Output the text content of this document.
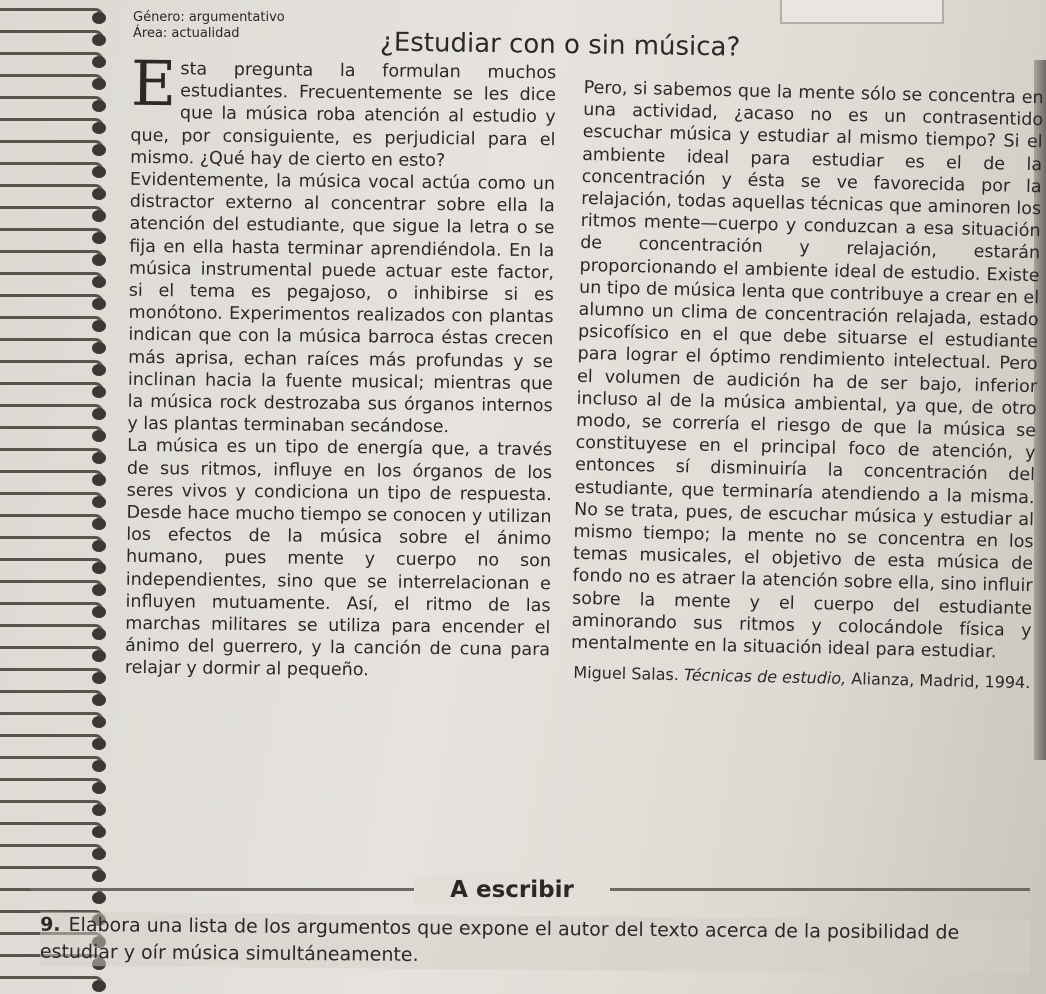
Género: argumentativo
Área: actualidad	¿Estudiar con o sin música?

Esta pregunta la formulan muchos estudiantes. Frecuentemente se les dice que la música roba atención al estudio y que, por consiguiente, es perjudicial para el mismo. ¿Qué hay de cierto en esto?

Evidentemente, la música vocal actúa como un distractor externo al concentrar sobre ella la atención del estudiante, que sigue la letra o se fija en ella hasta terminar aprendiéndola. En la música instrumental puede actuar este factor, si el tema es pegajoso, o inhibirse si es monótono. Experimentos realizados con plantas indican que con la música barroca éstas crecen más aprisa, echan raíces más profundas y se inclinan hacia la fuente musical; mientras que la música rock destrozaba sus órganos internos y las plantas terminaban secándose.

La música es un tipo de energía que, a través de sus ritmos, influye en los órganos de los seres vivos y condiciona un tipo de respuesta. Desde hace mucho tiempo se conocen y utilizan los efectos de la música sobre el ánimo humano, pues mente y cuerpo no son independientes, sino que se interrelacionan e influyen mutuamente. Así, el ritmo de las marchas militares se utiliza para encender el ánimo del guerrero, y la canción de cuna para relajar y dormir al pequeño.

Pero, si sabemos que la mente sólo se concentra en una actividad, ¿acaso no es un contrasentido escuchar música y estudiar al mismo tiempo? Si el ambiente ideal para estudiar es el de la concentración y ésta se ve favorecida por la relajación, todas aquellas técnicas que aminoren los ritmos mente—cuerpo y conduzcan a esa situación de concentración y relajación, estarán proporcionando el ambiente ideal de estudio. Existe un tipo de música lenta que contribuye a crear en el alumno un clima de concentración relajada, estado psicofísico en el que debe situarse el estudiante para lograr el óptimo rendimiento intelectual. Pero el volumen de audición ha de ser bajo, inferior incluso al de la música ambiental, ya que, de otro modo, se correría el riesgo de que la música se constituyese en el principal foco de atención, y entonces sí disminuiría la concentración del estudiante, que terminaría atendiendo a la misma. No se trata, pues, de escuchar música y estudiar al mismo tiempo; la mente no se concentra en los temas musicales, el objetivo de esta música de fondo no es atraer la atención sobre ella, sino influir sobre la mente y el cuerpo del estudiante aminorando sus ritmos y colocándole física y mentalmente en la situación ideal para estudiar.

Miguel Salas. Técnicas de estudio, Alianza, Madrid, 1994.
A escribir
9. Elabora una lista de los argumentos que expone el autor del texto acerca de la posibilidad de estudiar y oír música simultáneamente.
